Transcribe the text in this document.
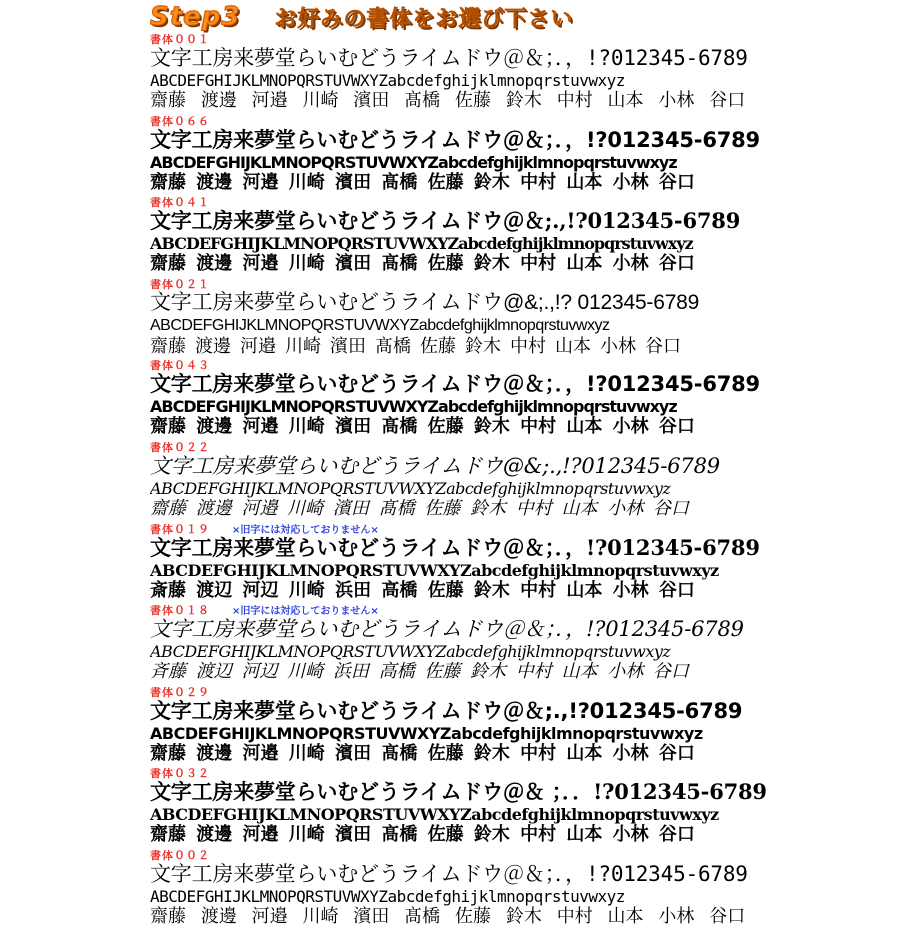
Step3 お好みの書体をお選び下さい
書体００１
文字工房来夢堂らいむどうライムドウ＠＆；．，!?012345-6789
ABCDEFGHIJKLMNOPQRSTUVWXYZabcdefghijklmnopqrstuvwxyz
齋藤 渡邊 河邉 川崎 濱田 髙橋 佐藤 鈴木 中村 山本 小林 谷口
書体０６６
文字工房来夢堂らいむどうライムドウ＠＆；．，!?012345-6789
ABCDEFGHIJKLMNOPQRSTUVWXYZabcdefghijklmnopqrstuvwxyz
齋藤 渡邊 河邉 川崎 濱田 髙橋 佐藤 鈴木 中村 山本 小林 谷口
書体０４１
文字工房来夢堂らいむどうライムドウ＠＆;.,!?012345-6789
ABCDEFGHIJKLMNOPQRSTUVWXYZabcdefghijklmnopqrstuvwxyz
齋藤 渡邊 河邉 川崎 濱田 髙橋 佐藤 鈴木 中村 山本 小林 谷口
書体０２１
文字工房来夢堂らいむどうライムドウ@&;.,!? 012345-6789
ABCDEFGHIJKLMNOPQRSTUVWXYZabcdefghijklmnopqrstuvwxyz
齋藤 渡邊 河邉 川崎 濱田 髙橋 佐藤 鈴木 中村 山本 小林 谷口
書体０４３
文字工房来夢堂らいむどうライムドウ＠＆；．，!?012345-6789
ABCDEFGHIJKLMNOPQRSTUVWXYZabcdefghijklmnopqrstuvwxyz
齋藤 渡邊 河邉 川崎 濱田 髙橋 佐藤 鈴木 中村 山本 小林 谷口
書体０２２
文字工房来夢堂らいむどうライムドウ@&;.,!?012345-6789
ABCDEFGHIJKLMNOPQRSTUVWXYZabcdefghijklmnopqrstuvwxyz
齋藤 渡邊 河邉 川崎 濱田 髙橋 佐藤 鈴木 中村 山本 小林 谷口
書体０１９ ×旧字には対応しておりません×
文字工房来夢堂らいむどうライムドウ＠＆；．，!?012345-6789
ABCDEFGHIJKLMNOPQRSTUVWXYZabcdefghijklmnopqrstuvwxyz
斎藤 渡辺 河辺 川崎 浜田 高橋 佐藤 鈴木 中村 山本 小林 谷口
書体０１８ ×旧字には対応しておりません×
文字工房来夢堂らいむどうライムドウ＠＆；．，!?012345-6789
ABCDEFGHIJKLMNOPQRSTUVWXYZabcdefghijklmnopqrstuvwxyz
斉藤 渡辺 河辺 川崎 浜田 高橋 佐藤 鈴木 中村 山本 小林 谷口
書体０２９
文字工房来夢堂らいむどうライムドウ＠＆;.,!?012345-6789
ABCDEFGHIJKLMNOPQRSTUVWXYZabcdefghijklmnopqrstuvwxyz
齋藤 渡邊 河邉 川崎 濱田 髙橋 佐藤 鈴木 中村 山本 小林 谷口
書体０３２
文字工房来夢堂らいむどうライムドウ＠＆ ；．．!?012345-6789
ABCDEFGHIJKLMNOPQRSTUVWXYZabcdefghijklmnopqrstuvwxyz
齋藤 渡邊 河邉 川崎 濱田 髙橋 佐藤 鈴木 中村 山本 小林 谷口
書体００２
文字工房来夢堂らいむどうライムドウ＠＆；．，!?012345-6789
ABCDEFGHIJKLMNOPQRSTUVWXYZabcdefghijklmnopqrstuvwxyz
齋藤 渡邊 河邉 川崎 濱田 髙橋 佐藤 鈴木 中村 山本 小林 谷口
